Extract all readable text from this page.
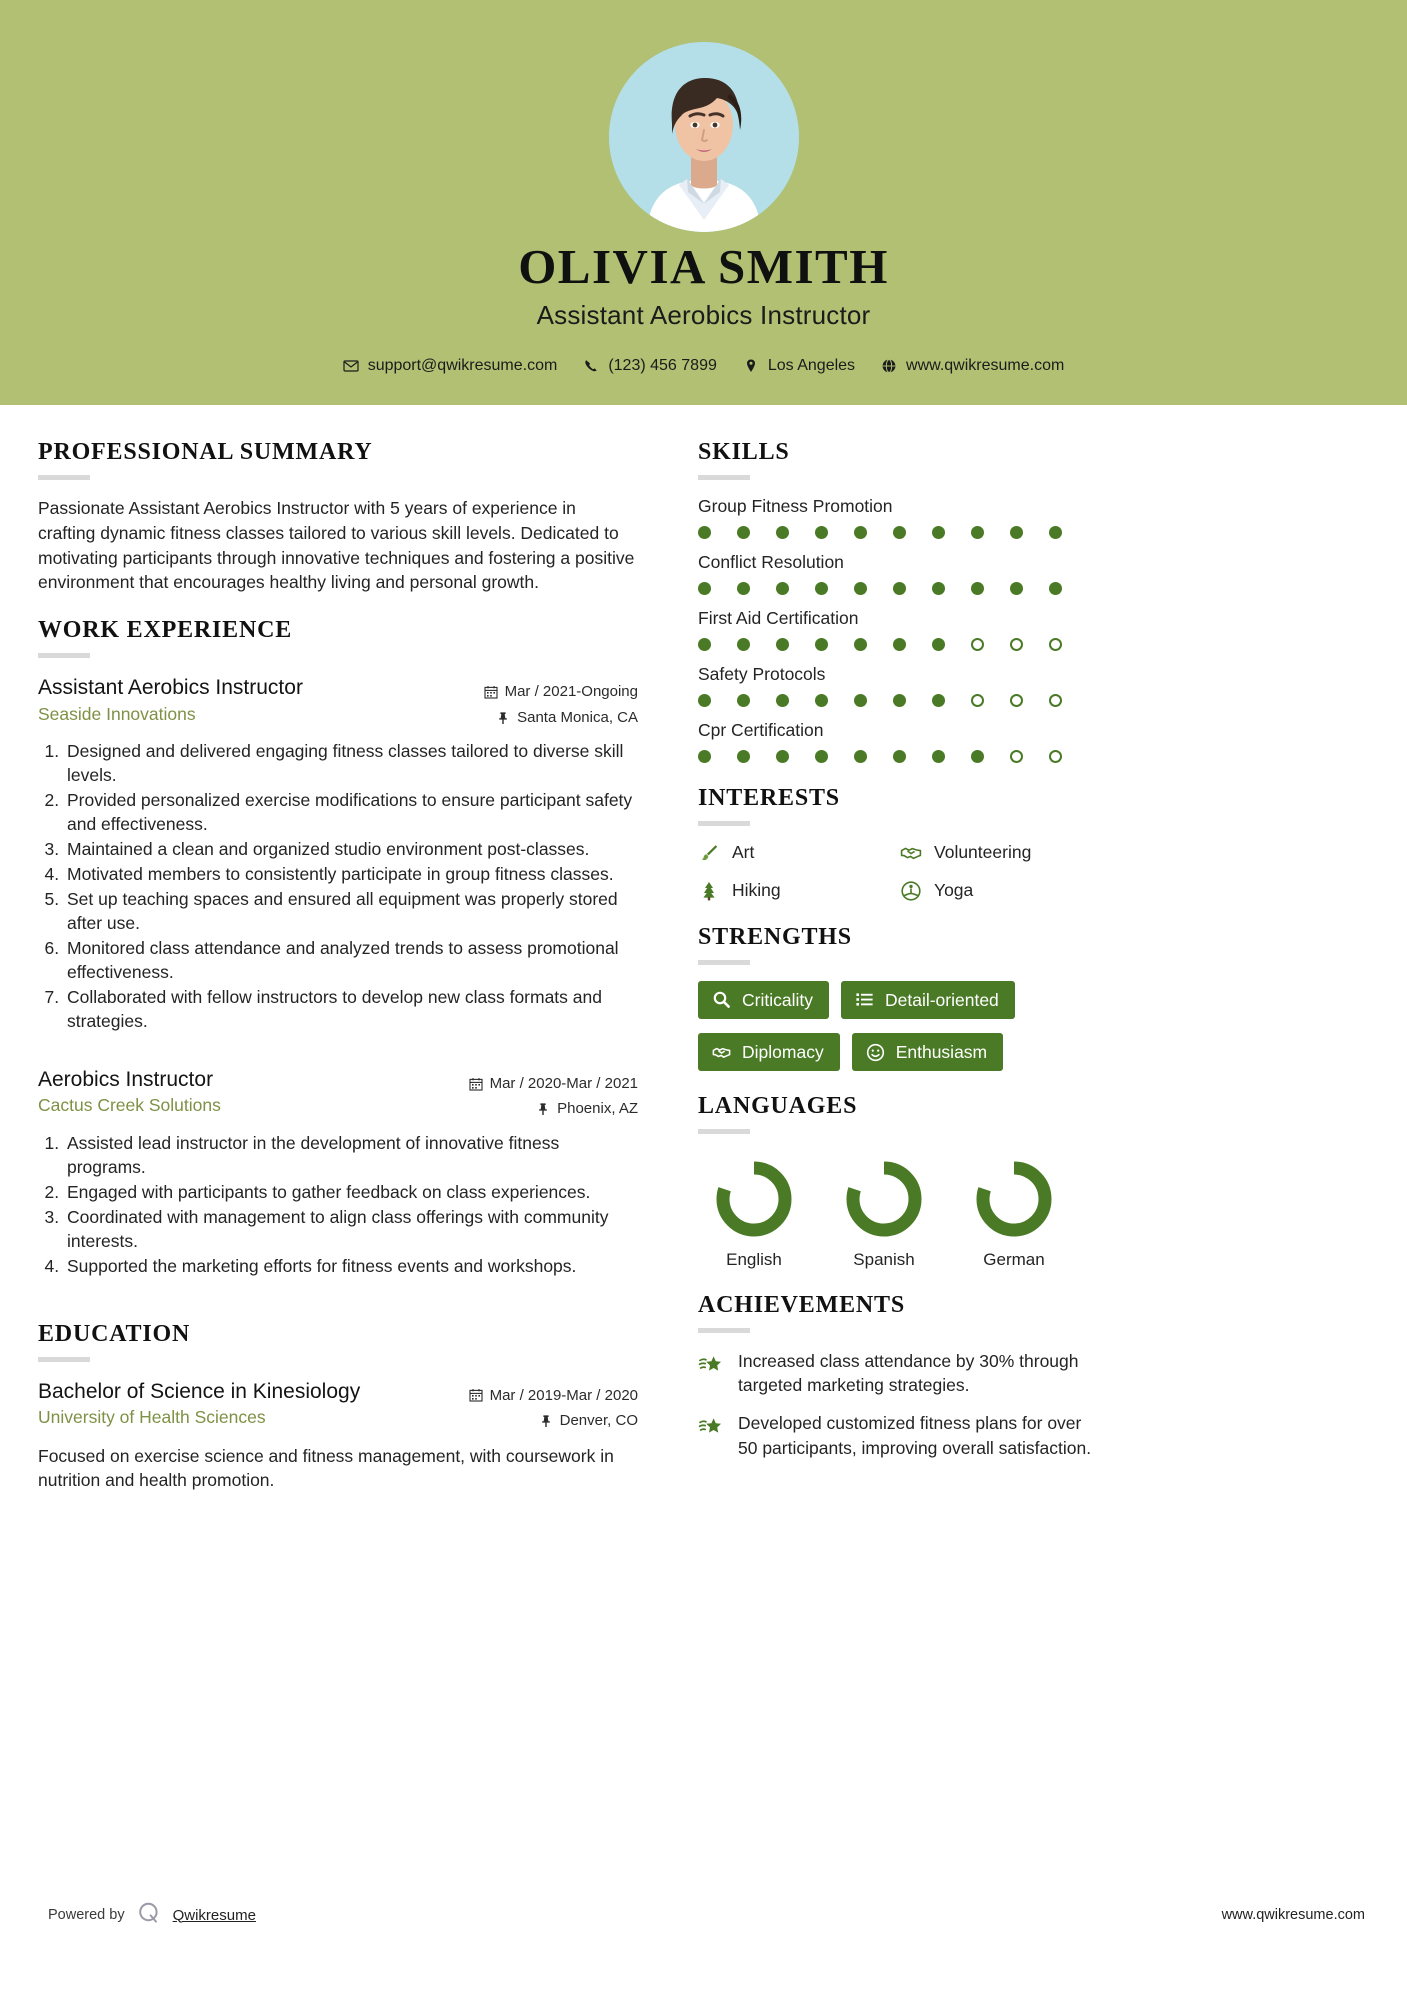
OLIVIA SMITH
Assistant Aerobics Instructor
support@qwikresume.com	(123) 456 7899	Los Angeles	www.qwikresume.com
PROFESSIONAL SUMMARY
Passionate Assistant Aerobics Instructor with 5 years of experience in crafting dynamic fitness classes tailored to various skill levels. Dedicated to motivating participants through innovative techniques and fostering a positive environment that encourages healthy living and personal growth.
WORK EXPERIENCE
Assistant Aerobics Instructor
Seaside Innovations
Mar / 2021-Ongoing
Santa Monica, CA
1. Designed and delivered engaging fitness classes tailored to diverse skill levels.
2. Provided personalized exercise modifications to ensure participant safety and effectiveness.
3. Maintained a clean and organized studio environment post-classes.
4. Motivated members to consistently participate in group fitness classes.
5. Set up teaching spaces and ensured all equipment was properly stored after use.
6. Monitored class attendance and analyzed trends to assess promotional effectiveness.
7. Collaborated with fellow instructors to develop new class formats and strategies.
Aerobics Instructor
Cactus Creek Solutions
Mar / 2020-Mar / 2021
Phoenix, AZ
1. Assisted lead instructor in the development of innovative fitness programs.
2. Engaged with participants to gather feedback on class experiences.
3. Coordinated with management to align class offerings with community interests.
4. Supported the marketing efforts for fitness events and workshops.
EDUCATION
Bachelor of Science in Kinesiology
University of Health Sciences
Mar / 2019-Mar / 2020
Denver, CO
Focused on exercise science and fitness management, with coursework in nutrition and health promotion.
SKILLS
Group Fitness Promotion
Conflict Resolution
First Aid Certification
Safety Protocols
Cpr Certification
INTERESTS
Art	Volunteering
Hiking	Yoga
STRENGTHS
Criticality	Detail-oriented
Diplomacy	Enthusiasm
LANGUAGES
English	Spanish	German
ACHIEVEMENTS
Increased class attendance by 30% through targeted marketing strategies.
Developed customized fitness plans for over 50 participants, improving overall satisfaction.
Powered by	Qwikresume	www.qwikresume.com
